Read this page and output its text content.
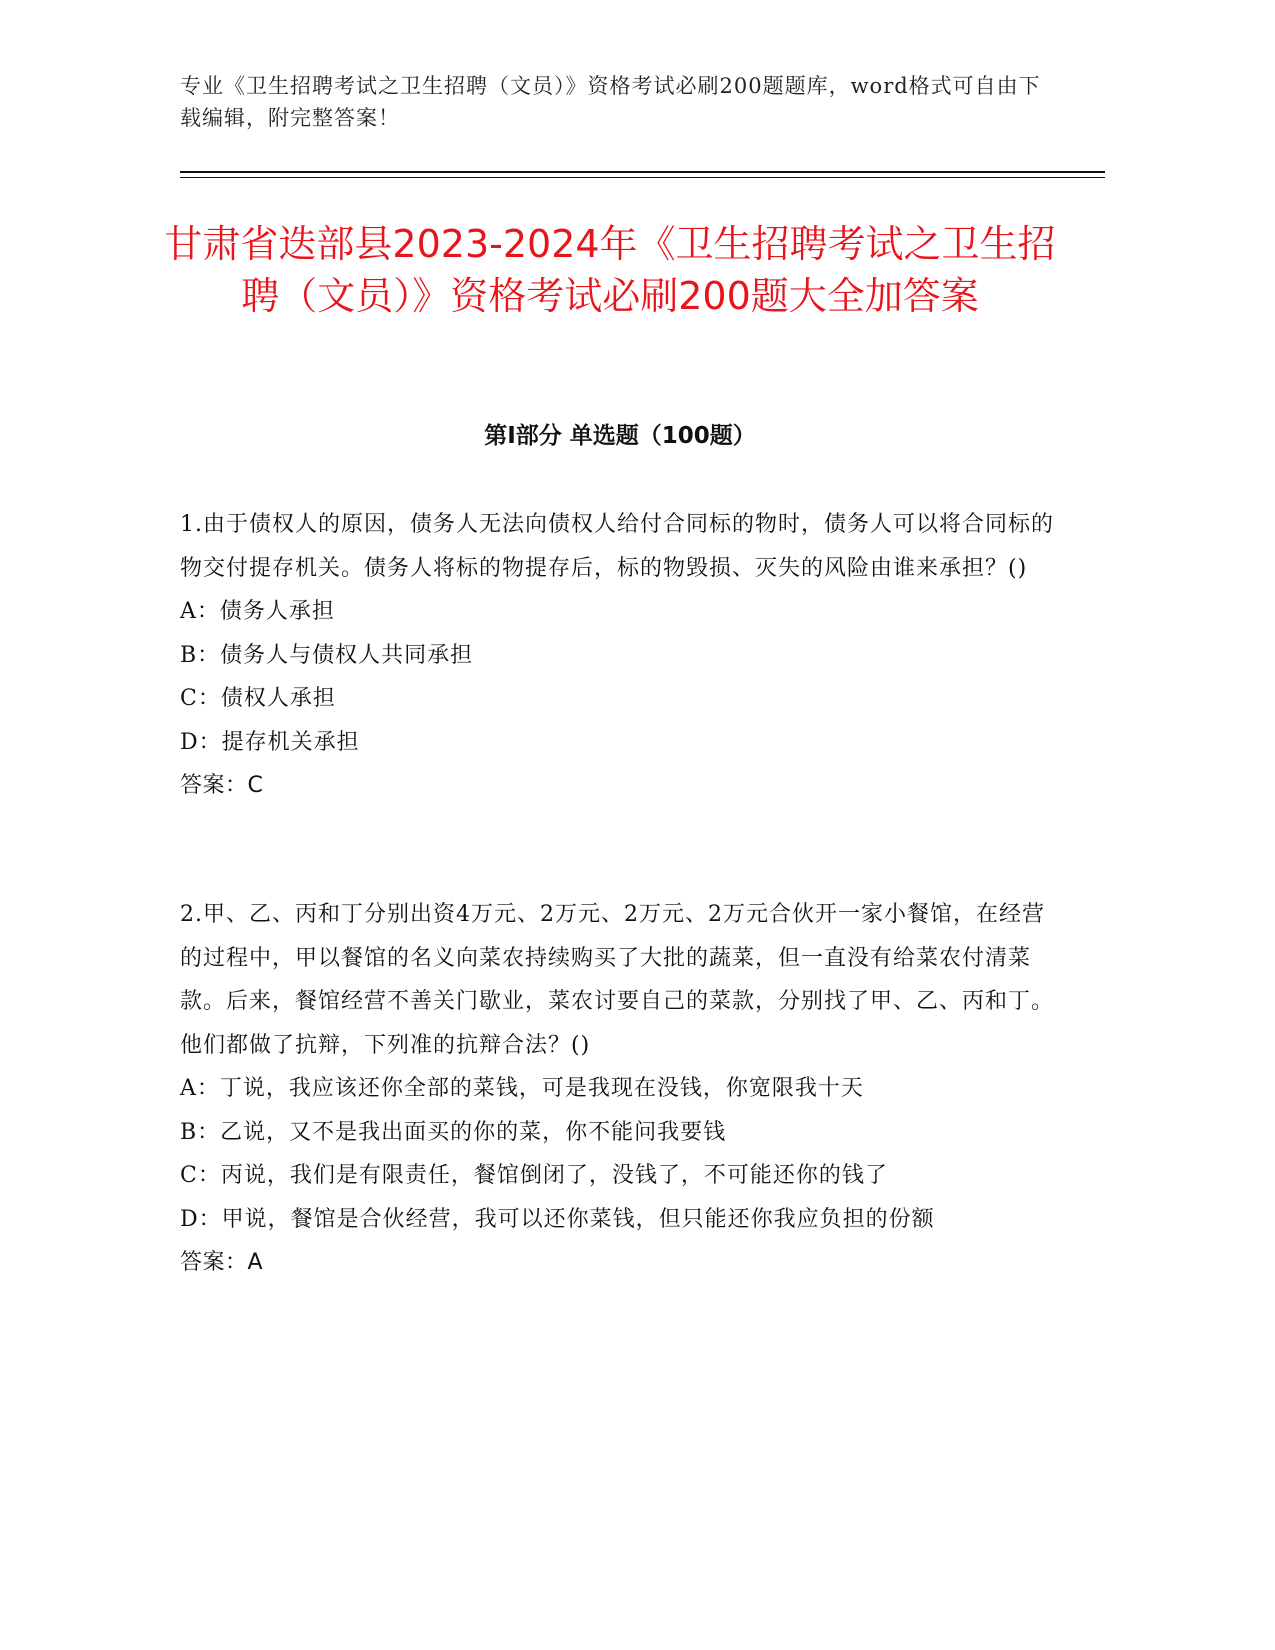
专业《卫生招聘考试之卫生招聘（文员）》资格考试必刷200题题库，word格式可自由下载编辑，附完整答案！
甘肃省迭部县2023-2024年《卫生招聘考试之卫生招聘（文员）》资格考试必刷200题大全加答案
第Ⅰ部分 单选题（100题）
1.由于债权人的原因，债务人无法向债权人给付合同标的物时，债务人可以将合同标的物交付提存机关。债务人将标的物提存后，标的物毁损、灭失的风险由谁来承担？()
A：债务人承担
B：债务人与债权人共同承担
C：债权人承担
D：提存机关承担
答案：C
2.甲、乙、丙和丁分别出资4万元、2万元、2万元、2万元合伙开一家小餐馆，在经营的过程中，甲以餐馆的名义向菜农持续购买了大批的蔬菜，但一直没有给菜农付清菜款。后来，餐馆经营不善关门歇业，菜农讨要自己的菜款，分别找了甲、乙、丙和丁。他们都做了抗辩，下列准的抗辩合法？()
A：丁说，我应该还你全部的菜钱，可是我现在没钱，你宽限我十天
B：乙说，又不是我出面买的你的菜，你不能问我要钱
C：丙说，我们是有限责任，餐馆倒闭了，没钱了，不可能还你的钱了
D：甲说，餐馆是合伙经营，我可以还你菜钱，但只能还你我应负担的份额
答案：A
